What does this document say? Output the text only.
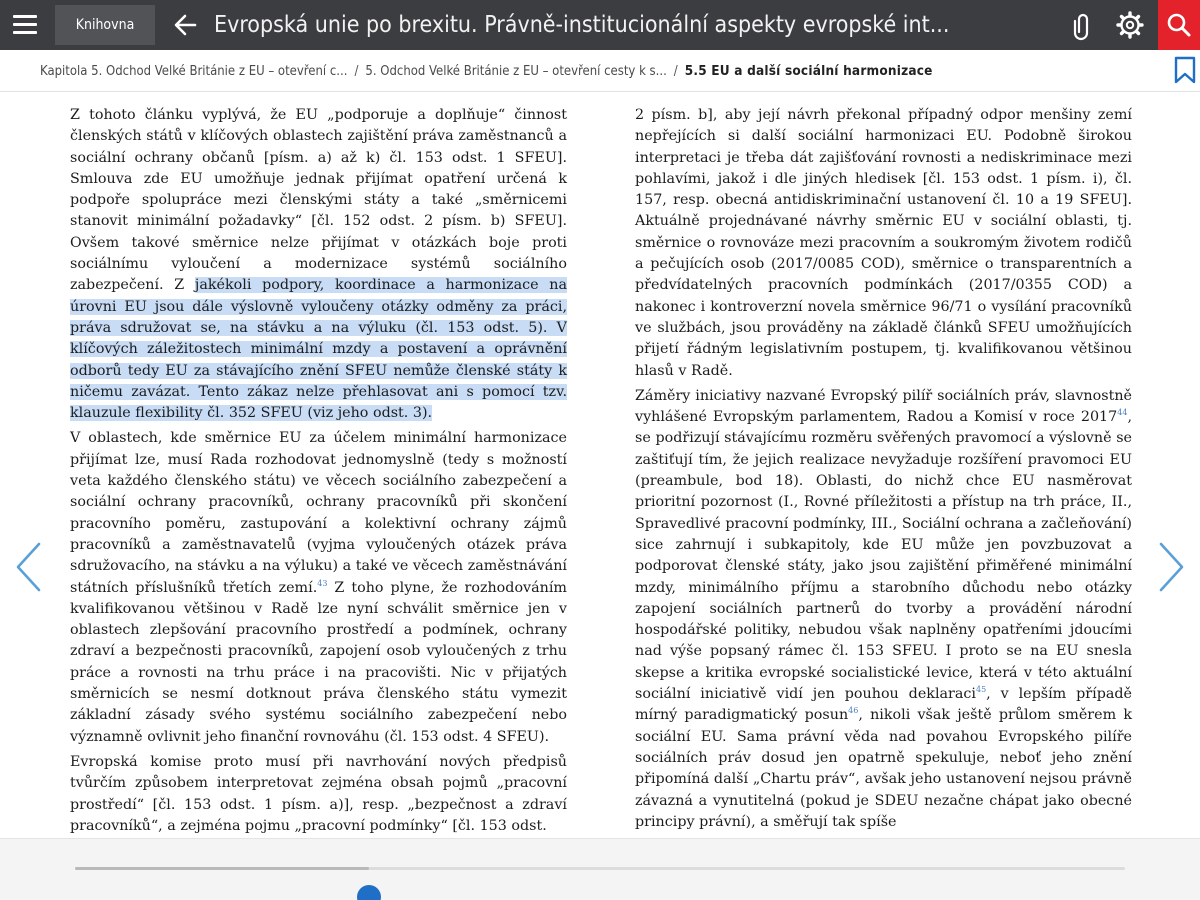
Knihovna	Evropská unie po brexitu. Právně-institucionální aspekty evropské int...
Kapitola 5. Odchod Velké Británie z EU – otevření c... / 5. Odchod Velké Británie z EU – otevření cesty k s... / 5.5 EU a další sociální harmonizace

Z tohoto článku vyplývá, že EU „podporuje a doplňuje“ činnost členských států v klíčových oblastech zajištění práva zaměstnanců a sociální ochrany občanů [písm. a) až k) čl. 153 odst. 1 SFEU]. Smlouva zde EU umožňuje jednak přijímat opatření určená k podpoře spolupráce mezi členskými státy a také „směrnicemi stanovit minimální požadavky“ [čl. 152 odst. 2 písm. b) SFEU]. Ovšem takové směrnice nelze přijímat v otázkách boje proti sociálnímu vyloučení a modernizace systémů sociálního zabezpečení. Z jakékoli podpory, koordinace a harmonizace na úrovni EU jsou dále výslovně vyloučeny otázky odměny za práci, práva sdružovat se, na stávku a na výluku (čl. 153 odst. 5). V klíčových záležitostech minimální mzdy a postavení a oprávnění odborů tedy EU za stávajícího znění SFEU nemůže členské státy k ničemu zavázat. Tento zákaz nelze přehlasovat ani s pomocí tzv. klauzule flexibility čl. 352 SFEU (viz jeho odst. 3).

V oblastech, kde směrnice EU za účelem minimální harmonizace přijímat lze, musí Rada rozhodovat jednomyslně (tedy s možností veta každého členského státu) ve věcech sociálního zabezpečení a sociální ochrany pracovníků, ochrany pracovníků při skončení pracovního poměru, zastupování a kolektivní ochrany zájmů pracovníků a zaměstnavatelů (vyjma vyloučených otázek práva sdružovacího, na stávku a na výluku) a také ve věcech zaměstnávání státních příslušníků třetích zemí.$^{43}$ Z toho plyne, že rozhodováním kvalifikovanou většinou v Radě lze nyní schválit směrnice jen v oblastech zlepšování pracovního prostředí a podmínek, ochrany zdraví a bezpečnosti pracovníků, zapojení osob vyloučených z trhu práce a rovnosti na trhu práce i na pracovišti. Nic v přijatých směrnicích se nesmí dotknout práva členského státu vymezit základní zásady svého systému sociálního zabezpečení nebo významně ovlivnit jeho finanční rovnováhu (čl. 153 odst. 4 SFEU).

Evropská komise proto musí při navrhování nových předpisů tvůrčím způsobem interpretovat zejména obsah pojmů „pracovní prostředí“ [čl. 153 odst. 1 písm. a)], resp. „bezpečnost a zdraví pracovníků“, a zejména pojmu „pracovní podmínky“ [čl. 153 odst.

2 písm. b], aby její návrh překonal případný odpor menšiny zemí nepřejících si další sociální harmonizaci EU. Podobně širokou interpretaci je třeba dát zajišťování rovnosti a nediskriminace mezi pohlavími, jakož i dle jiných hledisek [čl. 153 odst. 1 písm. i), čl. 157, resp. obecná antidiskriminační ustanovení čl. 10 a 19 SFEU]. Aktuálně projednávané návrhy směrnic EU v sociální oblasti, tj. směrnice o rovnováze mezi pracovním a soukromým životem rodičů a pečujících osob (2017/0085 COD), směrnice o transparentních a předvídatelných pracovních podmínkách (2017/0355 COD) a nakonec i kontroverzní novela směrnice 96/71 o vysílání pracovníků ve službách, jsou prováděny na základě článků SFEU umožňujících přijetí řádným legislativním postupem, tj. kvalifikovanou většinou hlasů v Radě.

Záměry iniciativy nazvané Evropský pilíř sociálních práv, slavnostně vyhlášené Evropským parlamentem, Radou a Komisí v roce 2017$^{44}$, se podřizují stávajícímu rozměru svěřených pravomocí a výslovně se zaštiťují tím, že jejich realizace nevyžaduje rozšíření pravomoci EU (preambule, bod 18). Oblasti, do nichž chce EU nasměrovat prioritní pozornost (I., Rovné příležitosti a přístup na trh práce, II., Spravedlivé pracovní podmínky, III., Sociální ochrana a začleňování) sice zahrnují i subkapitoly, kde EU může jen povzbuzovat a podporovat členské státy, jako jsou zajištění přiměřené minimální mzdy, minimálního příjmu a starobního důchodu nebo otázky zapojení sociálních partnerů do tvorby a provádění národní hospodářské politiky, nebudou však naplněny opatřeními jdoucími nad výše popsaný rámec čl. 153 SFEU. I proto se na EU snesla skepse a kritika evropské socialistické levice, která v této aktuální sociální iniciativě vidí jen pouhou deklaraci$^{45}$, v lepším případě mírný paradigmatický posun$^{46}$, nikoli však ještě průlom směrem k sociální EU. Sama právní věda nad povahou Evropského pilíře sociálních práv dosud jen opatrně spekuluje, neboť jeho znění připomíná další „Chartu práv“, avšak jeho ustanovení nejsou právně závazná a vynutitelná (pokud je SDEU nezačne chápat jako obecné principy právní), a směřují tak spíše
